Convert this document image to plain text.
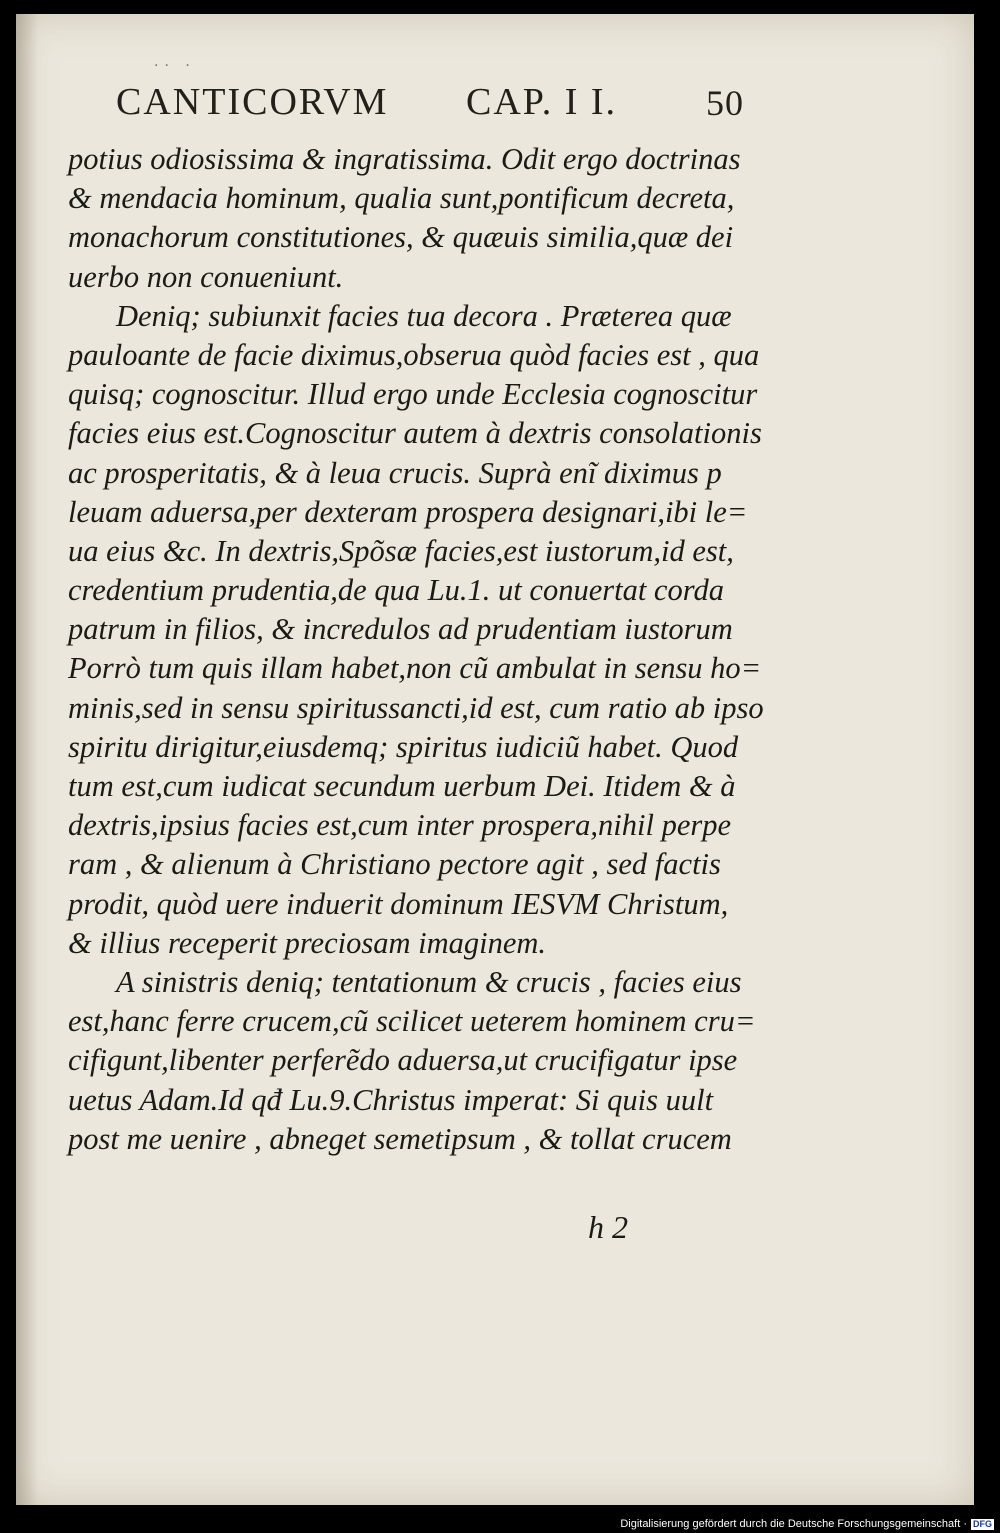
·· ·
CANTICORVM CAP. I I. 50
potius odiosissima & ingratissima. Odit ergo doctrinas
& mendacia hominum, qualia sunt,pontificum decreta,
monachorum constitutiones, & quæuis similia,quæ dei
uerbo non conueniunt.
Deniq; subiunxit facies tua decora . Præterea quæ
pauloante de facie diximus,obserua quòd facies est , qua
quisq; cognoscitur. Illud ergo unde Ecclesia cognoscitur
facies eius est.Cognoscitur autem à dextris consolationis
ac prosperitatis, & à leua crucis. Suprà enĩ diximus p
leuam aduersa,per dexteram prospera designari,ibi le=
ua eius &c. In dextris,Spõsæ facies,est iustorum,id est,
credentium prudentia,de qua Lu.1. ut conuertat corda
patrum in filios, & incredulos ad prudentiam iustorum
Porrò tum quis illam habet,non cũ ambulat in sensu ho=
minis,sed in sensu spiritussancti,id est, cum ratio ab ipso
spiritu dirigitur,eiusdemq; spiritus iudiciũ habet. Quod
tum est,cum iudicat secundum uerbum Dei. Itidem & à
dextris,ipsius facies est,cum inter prospera,nihil perpe
ram , & alienum à Christiano pectore agit , sed factis
prodit, quòd uere induerit dominum IESVM Christum,
& illius receperit preciosam imaginem.
A sinistris deniq; tentationum & crucis , facies eius
est,hanc ferre crucem,cũ scilicet ueterem hominem cru=
cifigunt,libenter perferẽdo aduersa,ut crucifigatur ipse
uetus Adam.Id qđ Lu.9.Christus imperat: Si quis uult
post me uenire , abneget semetipsum , & tollat crucem
h 2
Digitalisierung gefördert durch die Deutsche Forschungsgemeinschaft · DFG
